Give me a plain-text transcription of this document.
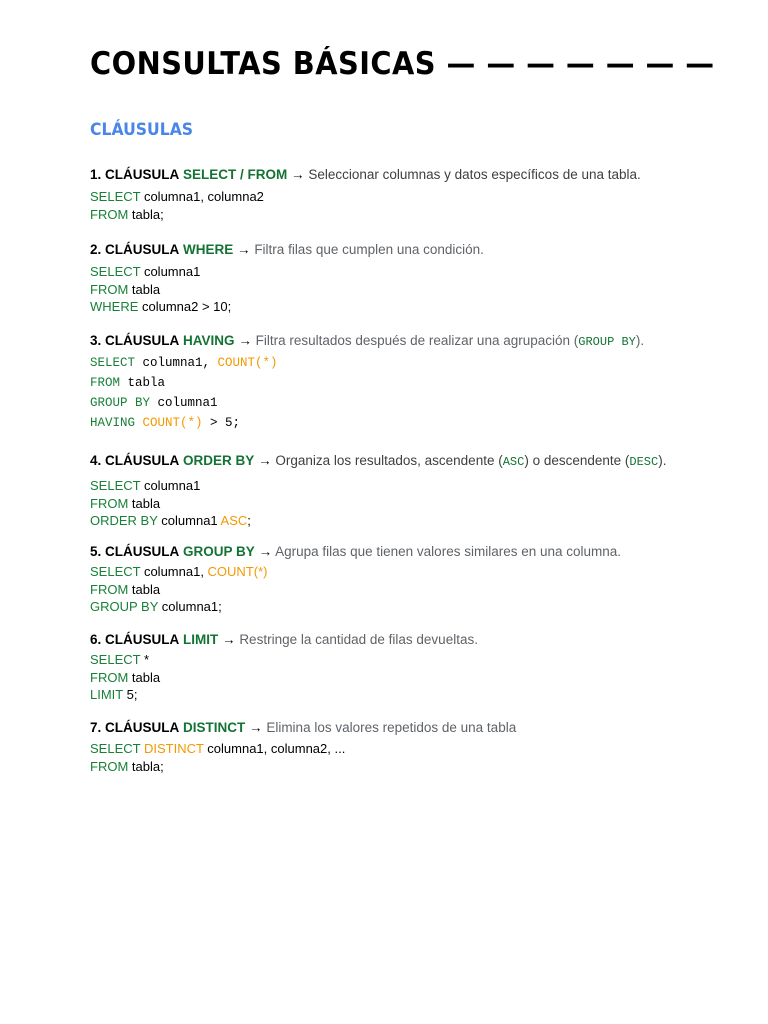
CONSULTAS BÁSICAS — — — — — — —
CLÁUSULAS
1. CLÁUSULA SELECT / FROM → Seleccionar columnas y datos específicos de una tabla.
SELECT columna1, columna2
FROM tabla;
2. CLÁUSULA WHERE → Filtra filas que cumplen una condición.
SELECT columna1
FROM tabla
WHERE columna2 > 10;
3. CLÁUSULA HAVING → Filtra resultados después de realizar una agrupación (GROUP BY).
SELECT columna1, COUNT(*)
FROM tabla
GROUP BY columna1
HAVING COUNT(*) > 5;
4. CLÁUSULA ORDER BY → Organiza los resultados, ascendente (ASC) o descendente (DESC).
SELECT columna1
FROM tabla
ORDER BY columna1 ASC;
5. CLÁUSULA GROUP BY → Agrupa filas que tienen valores similares en una columna.
SELECT columna1, COUNT(*)
FROM tabla
GROUP BY columna1;
6. CLÁUSULA LIMIT → Restringe la cantidad de filas devueltas.
SELECT *
FROM tabla
LIMIT 5;
7. CLÁUSULA DISTINCT → Elimina los valores repetidos de una tabla
SELECT DISTINCT columna1, columna2, ...
FROM tabla;
